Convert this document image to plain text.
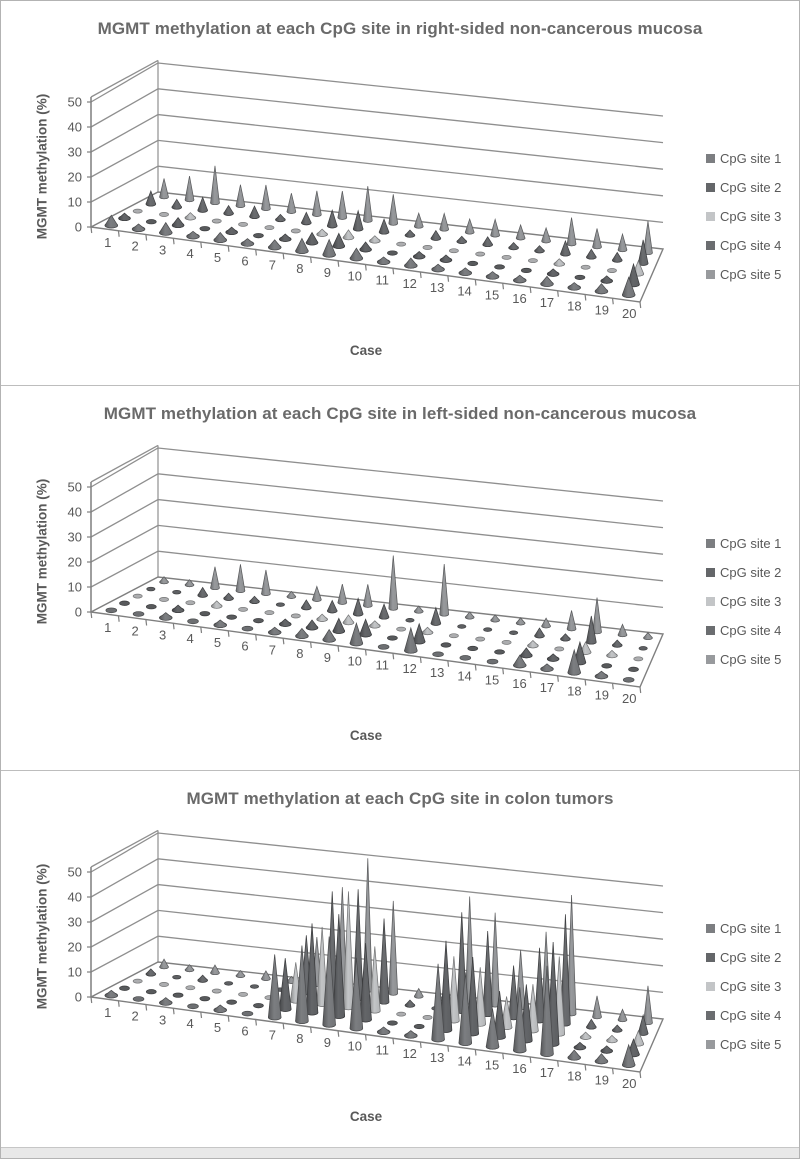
0
10
20
30
40
50
1 2 3 4 5 6 7 8 9 10 11 12 13 14 15 16 17 18 19 20
MGMT methylation at each CpG site in right-sided non-cancerous mucosa
MGMT methylation (%)
Case
CpG site 1
CpG site 2
CpG site 3
CpG site 4
CpG site 5
0
10
20
30
40
50
1 2 3 4 5 6 7 8 9 10 11 12 13 14 15 16 17 18 19 20
MGMT methylation at each CpG site in left-sided non-cancerous mucosa
MGMT methylation (%)
Case
CpG site 1
CpG site 2
CpG site 3
CpG site 4
CpG site 5
0
10
20
30
40
50
1 2 3 4 5 6 7 8 9 10 11 12 13 14 15 16 17 18 19 20
MGMT methylation at each CpG site in colon tumors
MGMT methylation (%)
Case
CpG site 1
CpG site 2
CpG site 3
CpG site 4
CpG site 5
